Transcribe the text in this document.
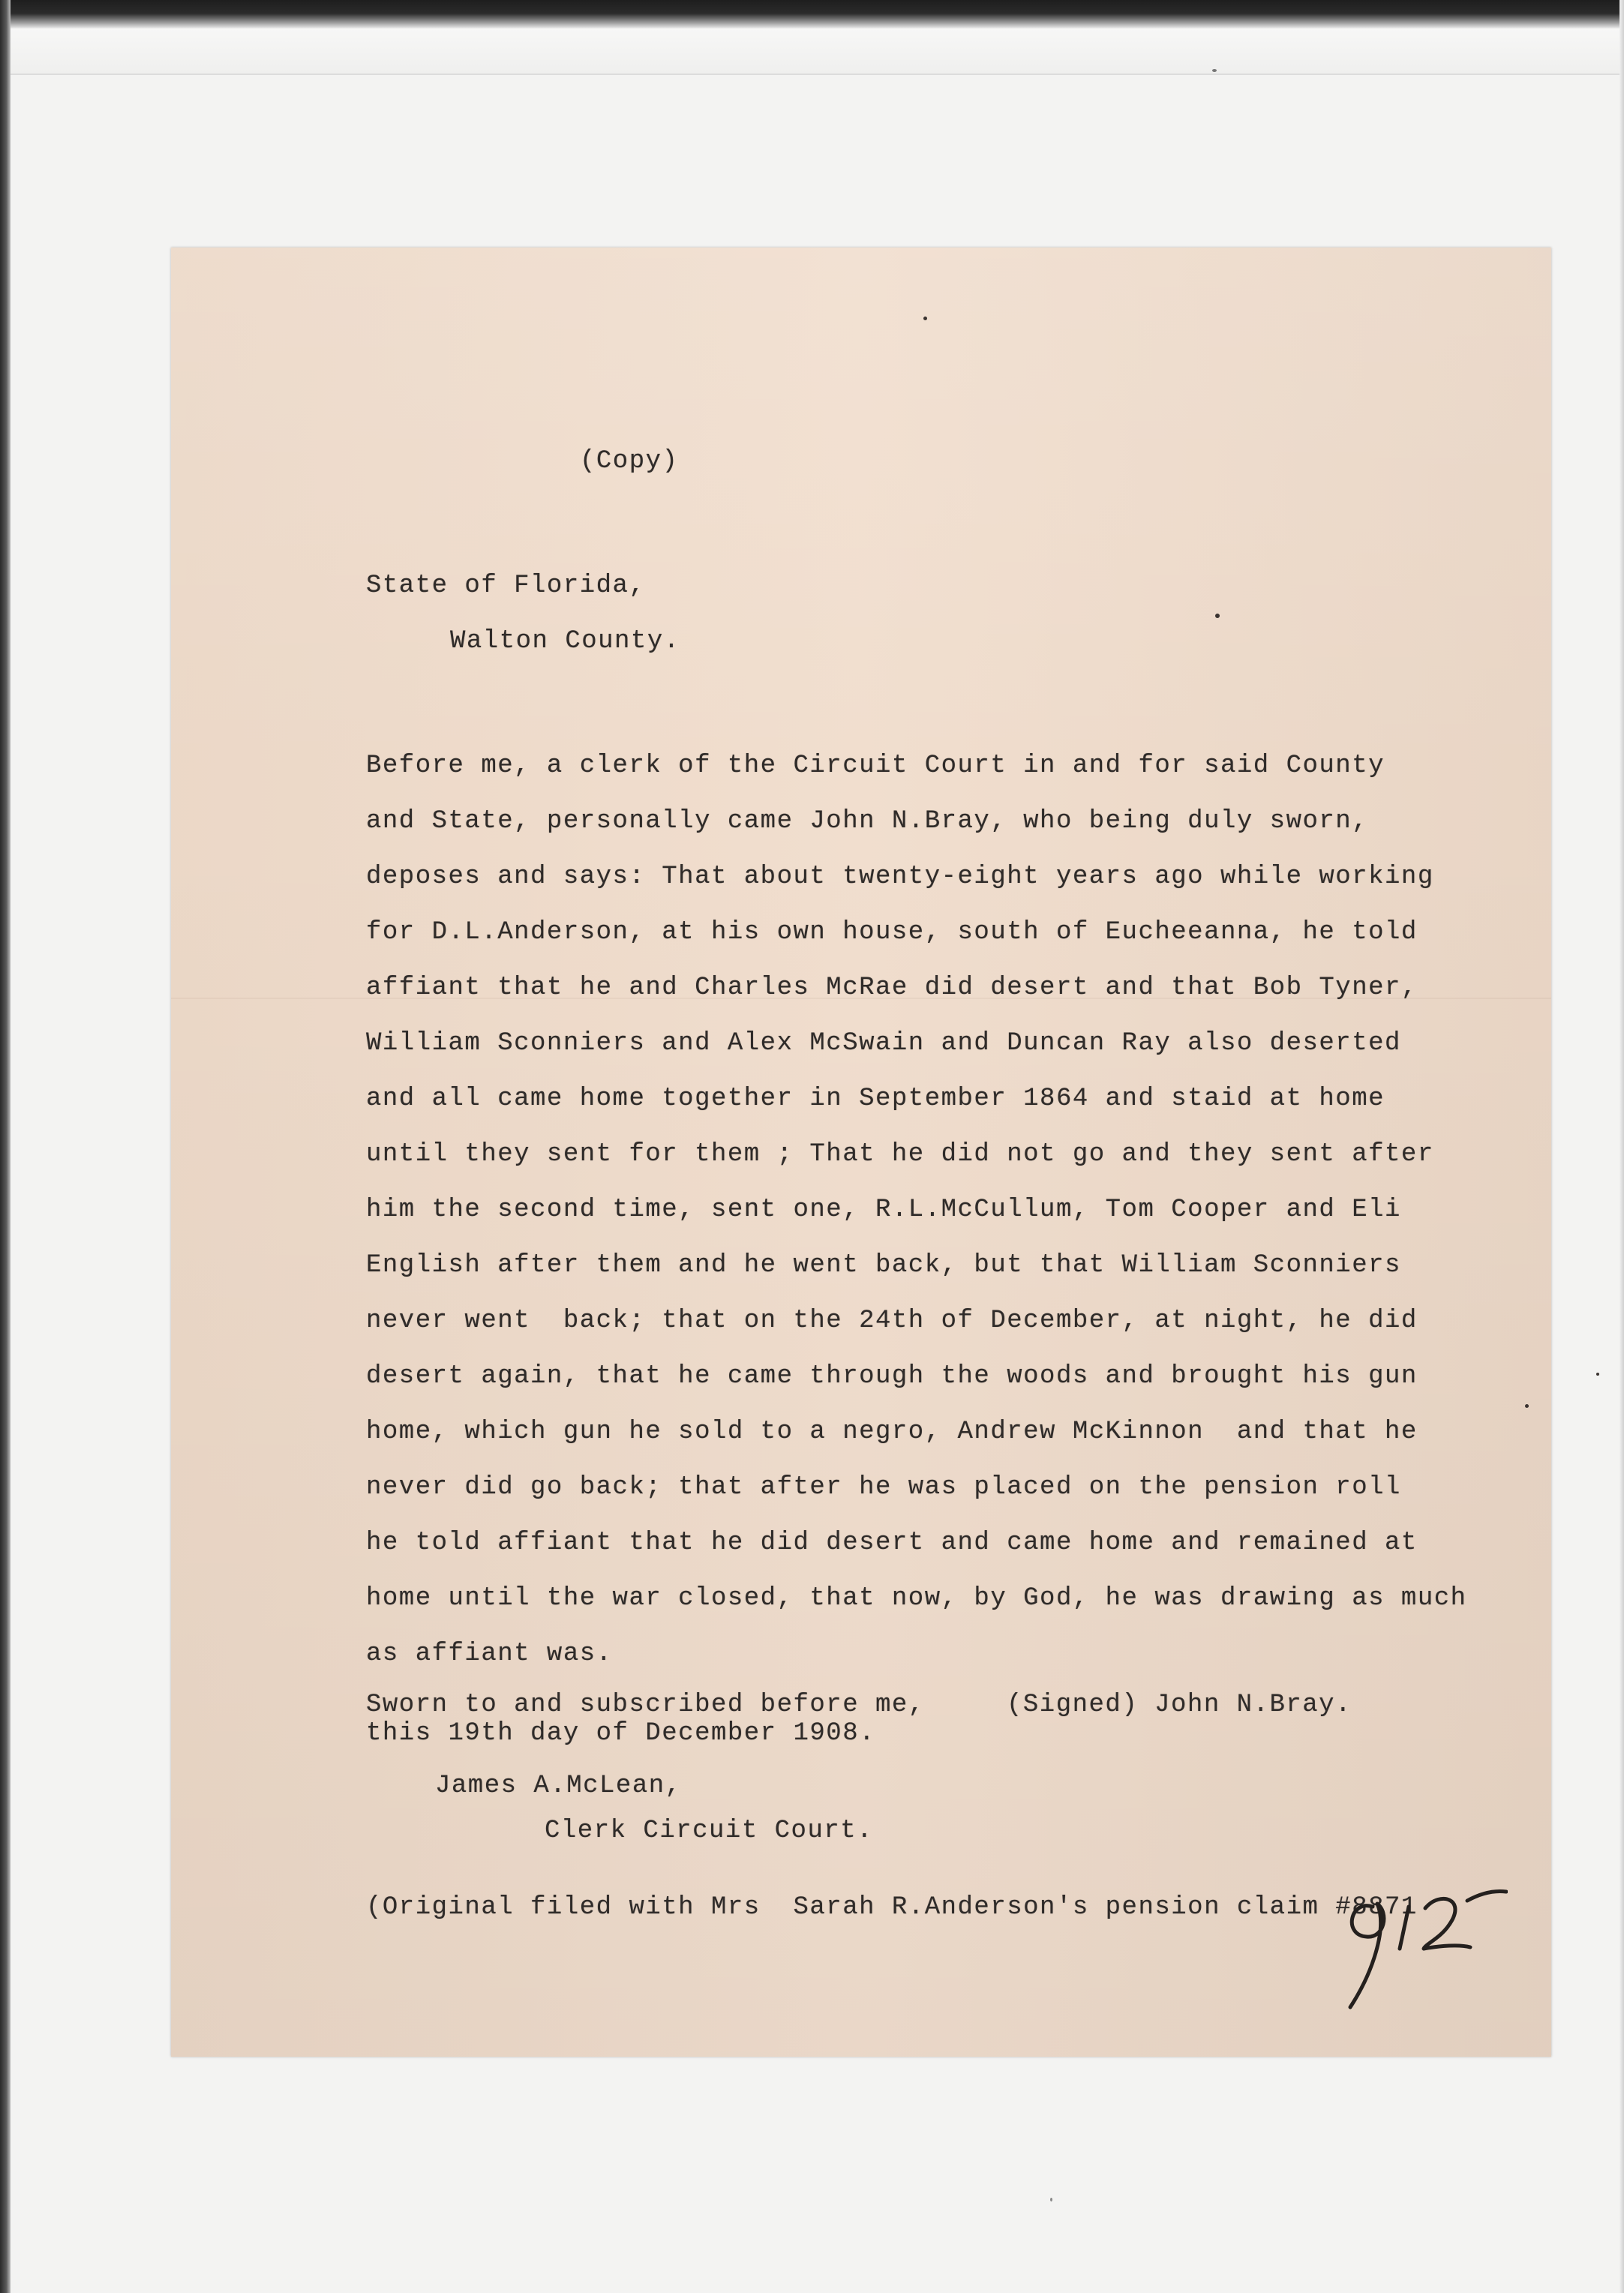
(Copy)

State of Florida,

Walton County.

Before me, a clerk of the Circuit Court in and for said County
and State, personally came John N.Bray, who being duly sworn,
deposes and says: That about twenty-eight years ago while working
for D.L.Anderson, at his own house, south of Eucheeanna, he told
affiant that he and Charles McRae did desert and that Bob Tyner,
William Sconniers and Alex McSwain and Duncan Ray also deserted
and all came home together in September 1864 and staid at home
until they sent for them ; That he did not go and they sent after
him the second time, sent one, R.L.McCullum, Tom Cooper and Eli
English after them and he went back, but that William Sconniers
never went  back; that on the 24th of December, at night, he did
desert again, that he came through the woods and brought his gun
home, which gun he sold to a negro, Andrew McKinnon  and that he
never did go back; that after he was placed on the pension roll
he told affiant that he did desert and came home and remained at
home until the war closed, that now, by God, he was drawing as much
as affiant was.

Sworn to and subscribed before me,

this 19th day of December 1908.

(Signed) John N.Bray.

James A.McLean,

Clerk Circuit Court.

(Original filed with Mrs  Sarah R.Anderson's pension claim #8871
